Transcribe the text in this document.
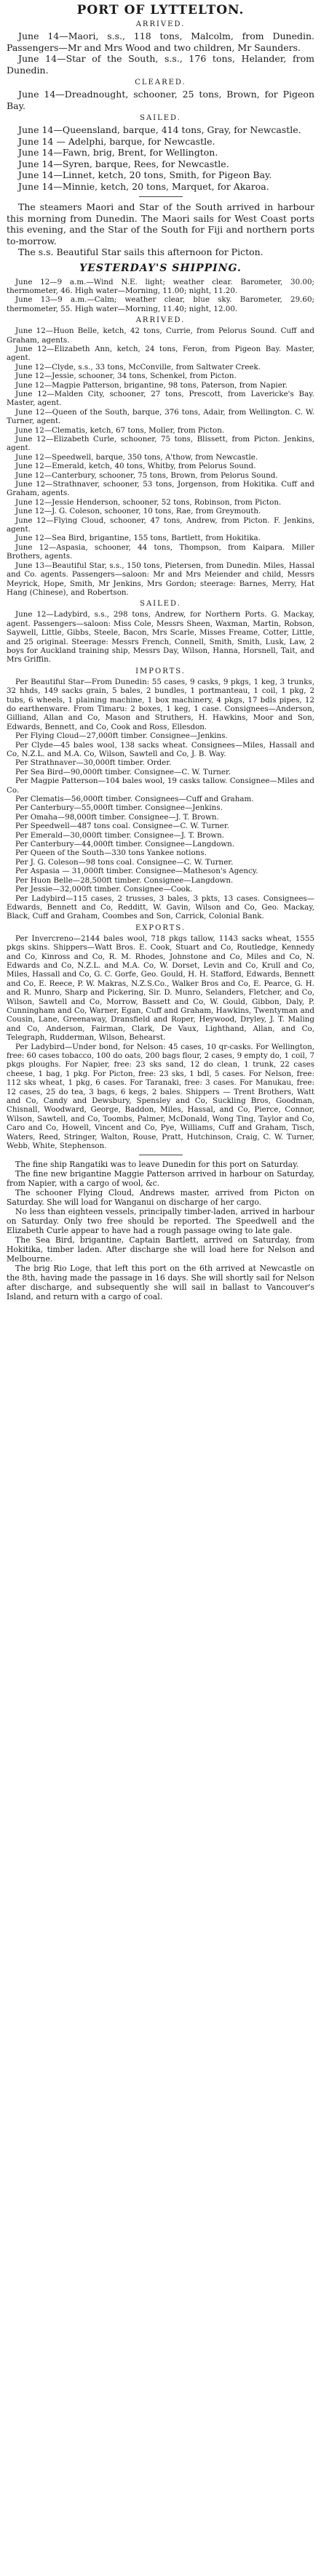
PORT OF LYTTELTON.
ARRIVED.

June 14—Maori, s.s., 118 tons, Malcolm, from Dunedin. Passengers—Mr and Mrs Wood and two children, Mr Saunders.

June 14—Star of the South, s.s., 176 tons, Helander, from Dunedin.

CLEARED.

June 14—Dreadnought, schooner, 25 tons, Brown, for Pigeon Bay.

SAILED.

June 14—Queensland, barque, 414 tons, Gray, for Newcastle.

June 14 — Adelphi, barque, for Newcastle.

June 14—Fawn, brig, Brent, for Wellington.

June 14—Syren, barque, Rees, for Newcastle.

June 14—Linnet, ketch, 20 tons, Smith, for Pigeon Bay.

June 14—Minnie, ketch, 20 tons, Marquet, for Akaroa.

The steamers Maori and Star of the South arrived in harbour this morning from Dunedin. The Maori sails for West Coast ports this evening, and the Star of the South for Fiji and northern ports to-morrow.

The s.s. Beautiful Star sails this afternoon for Picton.

YESTERDAY'S SHIPPING.

June 12—9 a.m.—Wind N.E. light; weather clear. Barometer, 30.00; thermometer, 46. High water—Morning, 11.00; night, 11.20.

June 13—9 a.m.—Calm; weather clear, blue sky. Barometer, 29.60; thermometer, 55. High water—Morning, 11.40; night, 12.00.

ARRIVED.

June 12—Huon Belle, ketch, 42 tons, Currie, from Pelorus Sound. Cuff and Graham, agents.

June 12—Elizabeth Ann, ketch, 24 tons, Feron, from Pigeon Bay. Master, agent.

June 12—Clyde, s.s., 33 tons, McConville, from Saltwater Creek.

June 12—Jessie, schooner, 34 tons, Schenkel, from Picton.

June 12—Magpie Patterson, brigantine, 98 tons, Paterson, from Napier.

June 12—Malden City, schooner, 27 tons, Prescott, from Lavericke's Bay. Master, agent.

June 12—Queen of the South, barque, 376 tons, Adair, from Wellington. C. W. Turner, agent.

June 12—Clematis, ketch, 67 tons, Moller, from Picton.

June 12—Elizabeth Curle, schooner, 75 tons, Blissett, from Picton. Jenkins, agent.

June 12—Speedwell, barque, 350 tons, A'thow, from Newcastle.

June 12—Emerald, ketch, 40 tons, Whitby, from Pelorus Sound.

June 12—Canterbury, schooner, 75 tons, Brown, from Pelorus Sound.

June 12—Strathnaver, schooner, 53 tons, Jorgenson, from Hokitika. Cuff and Graham, agents.

June 12—Jessie Henderson, schooner, 52 tons, Robinson, from Picton.

June 12—J. G. Coleson, schooner, 10 tons, Rae, from Greymouth.

June 12—Flying Cloud, schooner, 47 tons, Andrew, from Picton. F. Jenkins, agent.

June 12—Sea Bird, brigantine, 155 tons, Bartlett, from Hokitika.

June 12—Aspasia, schooner, 44 tons, Thompson, from Kaipara. Miller Brothers, agents.

June 13—Beautiful Star, s.s., 150 tons, Pietersen, from Dunedin. Miles, Hassal and Co. agents. Passengers—saloon: Mr and Mrs Meiender and child, Messrs Meyrick, Hope, Smith, Mr Jenkins, Mrs Gordon; steerage: Barnes, Merry, Hat Hang (Chinese), and Robertson.

SAILED.

June 12—Ladybird, s.s., 298 tons, Andrew, for Northern Ports. G. Mackay, agent. Passengers—saloon: Miss Cole, Messrs Sheen, Waxman, Martin, Robson, Saywell, Little, Gibbs, Steele, Bacon, Mrs Scarle, Misses Freame, Cotter, Little, and 25 original. Steerage: Messrs French, Connell, Smith, Smith, Lusk, Law, 2 boys for Auckland training ship, Messrs Day, Wilson, Hanna, Horsnell, Tait, and Mrs Griffin.

IMPORTS.

Per Beautiful Star—From Dunedin: 55 cases, 9 casks, 9 pkgs, 1 keg, 3 trunks, 32 hhds, 149 sacks grain, 5 bales, 2 bundles, 1 portmanteau, 1 coil, 1 pkg, 2 tubs, 6 wheels, 1 plaining machine, 1 box machinery, 4 pkgs, 17 bdls pipes, 12 do earthenware. From Timaru: 2 boxes, 1 keg, 1 case. Consignees—Anderson, Gilliand, Allan and Co, Mason and Struthers, H. Hawkins, Moor and Son, Edwards, Bennett, and Co, Cook and Ross, Ellesdon.

Per Flying Cloud—27,000ft timber. Consignee—Jenkins.

Per Clyde—45 bales wool, 138 sacks wheat. Consignees—Miles, Hassall and Co, N.Z.L. and M.A. Co, Wilson, Sawtell and Co, J. B. Way.

Per Strathnaver—30,000ft timber. Order.

Per Sea Bird—90,000ft timber. Consignee—C. W. Turner.

Per Magpie Patterson—104 bales wool, 19 casks tallow. Consignee—Miles and Co.

Per Clematis—56,000ft timber. Consignees—Cuff and Graham.

Per Canterbury—55,000ft timber. Consignee—Jenkins.

Per Omaha—98,000ft timber. Consignee—J. T. Brown.

Per Speedwell—487 tons coal. Consignee—C. W. Turner.

Per Emerald—30,000ft timber. Consignee—J. T. Brown.

Per Canterbury—44,000ft timber. Consignee—Langdown.

Per Queen of the South—330 tons Yankee notions.

Per J. G. Coleson—98 tons coal. Consignee—C. W. Turner.

Per Aspasia — 31,000ft timber. Consignee—Matheson's Agency.

Per Huon Belle—28,500ft timber. Consignee—Langdown.

Per Jessie—32,000ft timber. Consignee—Cook.

Per Ladybird—115 cases, 2 trusses, 3 bales, 3 pkts, 13 cases. Consignees—Edwards, Bennett and Co, Redditt, W. Gavin, Wilson and Co, Geo. Mackay, Black, Cuff and Graham, Coombes and Son, Carrick, Colonial Bank.

EXPORTS.

Per Invercreno—2144 bales wool, 718 pkgs tallow, 1143 sacks wheat, 1555 pkgs skins. Shippers—Watt Bros. E. Cook, Stuart and Co, Routledge, Kennedy and Co, Kinross and Co, R. M. Rhodes, Johnstone and Co, Miles and Co, N. Edwards and Co, N.Z.L. and M.A. Co, W. Dorset, Levin and Co, Krull and Co, Miles, Hassall and Co, G. C. Gorfe, Geo. Gould, H. H. Stafford, Edwards, Bennett and Co, E. Reece, P. W. Makras, N.Z.S.Co., Walker Bros and Co, E. Pearce, G. H. and R. Munro, Sharp and Pickering, Sir. D. Munro, Selanders, Fletcher, and Co, Wilson, Sawtell and Co, Morrow, Bassett and Co, W. Gould, Gibbon, Daly, P. Cunningham and Co, Warner, Egan, Cuff and Graham, Hawkins, Twentyman and Cousin, Lane, Greenaway, Dransfield and Roper, Heywood, Dryley, J. T. Maling and Co, Anderson, Fairman, Clark, De Vaux, Lighthand, Allan, and Co, Telegraph, Rudderman, Wilson, Behearst.

Per Ladybird—Under bond, for Nelson: 45 cases, 10 qr-casks. For Wellington, free: 60 cases tobacco, 100 do oats, 200 bags flour, 2 cases, 9 empty do, 1 coil, 7 pkgs ploughs. For Napier, free: 23 sks sand, 12 do clean, 1 trunk, 22 cases cheese, 1 bag, 1 pkg. For Picton, free: 23 sks, 1 bdl, 5 cases. For Nelson, free: 112 sks wheat, 1 pkg, 6 cases. For Taranaki, free: 3 cases. For Manukau, free: 12 cases, 25 do tea, 3 bags, 6 kegs, 2 bales. Shippers — Trent Brothers, Watt and Co, Candy and Dewsbury, Spensley and Co, Suckling Bros, Goodman, Chisnall, Woodward, George, Baddon, Miles, Hassal, and Co, Pierce, Connor, Wilson, Sawtell, and Co, Toombs, Palmer, McDonald, Wong Ting, Taylor and Co, Caro and Co, Howell, Vincent and Co, Pye, Williams, Cuff and Graham, Tisch, Waters, Reed, Stringer, Walton, Rouse, Pratt, Hutchinson, Craig, C. W. Turner, Webb, White, Stephenson.

The fine ship Rangatiki was to leave Dunedin for this port on Saturday.

The fine new brigantine Maggie Patterson arrived in harbour on Saturday, from Napier, with a cargo of wool, &c.

The schooner Flying Cloud, Andrews master, arrived from Picton on Saturday. She will load for Wanganui on discharge of her cargo.

No less than eighteen vessels, principally timber-laden, arrived in harbour on Saturday. Only two free should be reported. The Speedwell and the Elizabeth Curle appear to have had a rough passage owing to late gale.

The Sea Bird, brigantine, Captain Bartlett, arrived on Saturday, from Hokitika, timber laden. After discharge she will load here for Nelson and Melbourne.

The brig Rio Loge, that left this port on the 6th arrived at Newcastle on the 8th, having made the passage in 16 days. She will shortly sail for Nelson after discharge, and subsequently she will sail in ballast to Vancouver's Island, and return with a cargo of coal.
